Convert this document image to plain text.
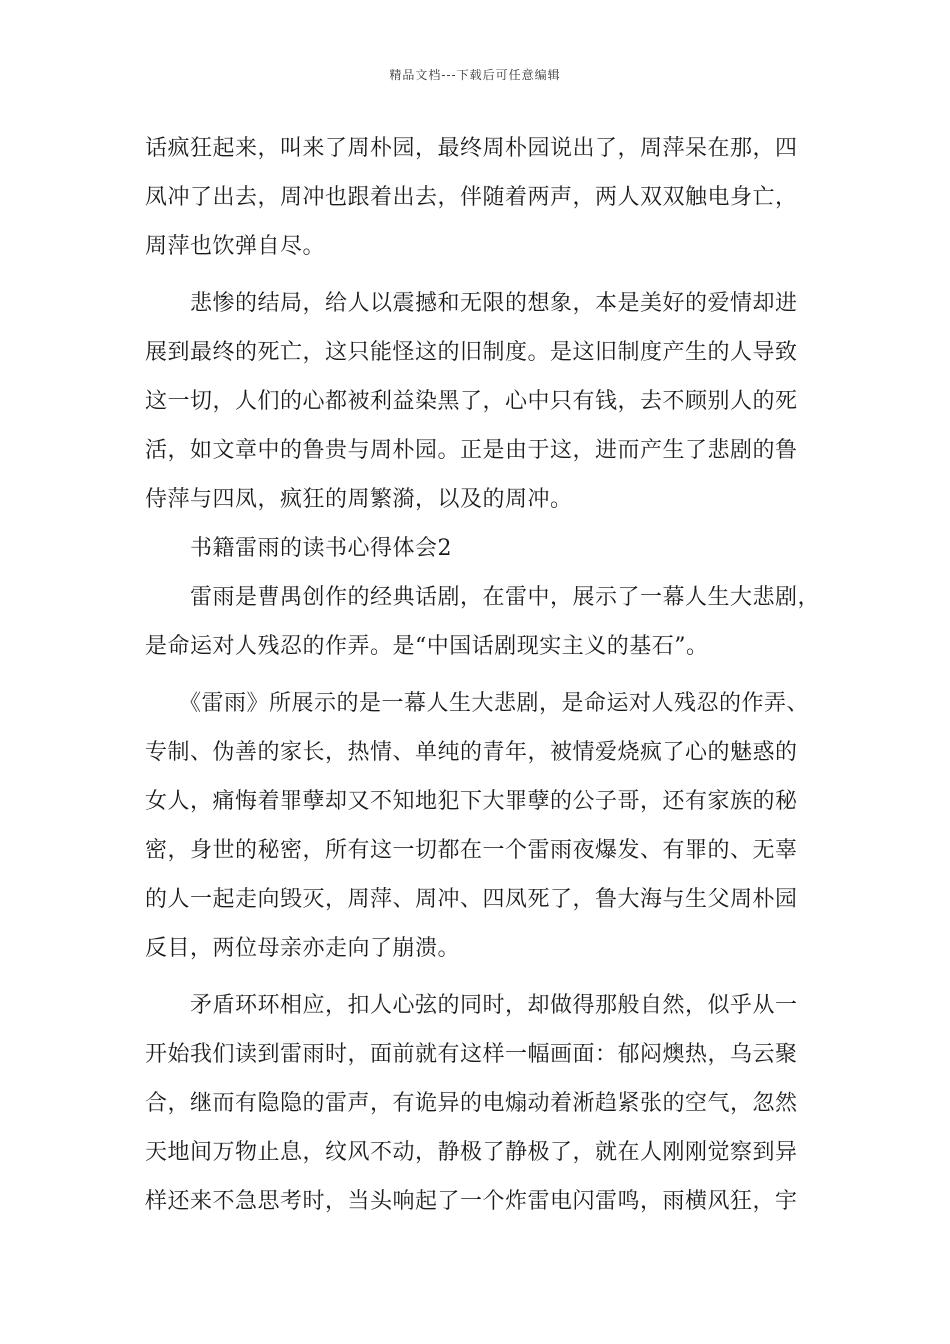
精品文档---下载后可任意编辑
话疯狂起来，叫来了周朴园，最终周朴园说出了，周萍呆在那，四
凤冲了出去，周冲也跟着出去，伴随着两声，两人双双触电身亡，
周萍也饮弹自尽。
　　悲惨的结局，给人以震撼和无限的想象，本是美好的爱情却进
展到最终的死亡，这只能怪这的旧制度。是这旧制度产生的人导致
这一切，人们的心都被利益染黑了，心中只有钱，去不顾别人的死
活，如文章中的鲁贵与周朴园。正是由于这，进而产生了悲剧的鲁
侍萍与四凤，疯狂的周繁漪，以及的周冲。
　　书籍雷雨的读书心得体会2
　　雷雨是曹禺创作的经典话剧，在雷中，展示了一幕人生大悲剧，
是命运对人残忍的作弄。是“中国话剧现实主义的基石”。
　　《雷雨》所展示的是一幕人生大悲剧，是命运对人残忍的作弄、
专制、伪善的家长，热情、单纯的青年，被情爱烧疯了心的魅惑的
女人，痛悔着罪孽却又不知地犯下大罪孽的公子哥，还有家族的秘
密，身世的秘密，所有这一切都在一个雷雨夜爆发、有罪的、无辜
的人一起走向毁灭，周萍、周冲、四凤死了，鲁大海与生父周朴园
反目，两位母亲亦走向了崩溃。
　　矛盾环环相应，扣人心弦的同时，却做得那般自然，似乎从一
开始我们读到雷雨时，面前就有这样一幅画面：郁闷燠热，乌云聚
合，继而有隐隐的雷声，有诡异的电煽动着淅趋紧张的空气，忽然
天地间万物止息，纹风不动，静极了静极了，就在人刚刚觉察到异
样还来不急思考时，当头响起了一个炸雷电闪雷鸣，雨横风狂，宇
